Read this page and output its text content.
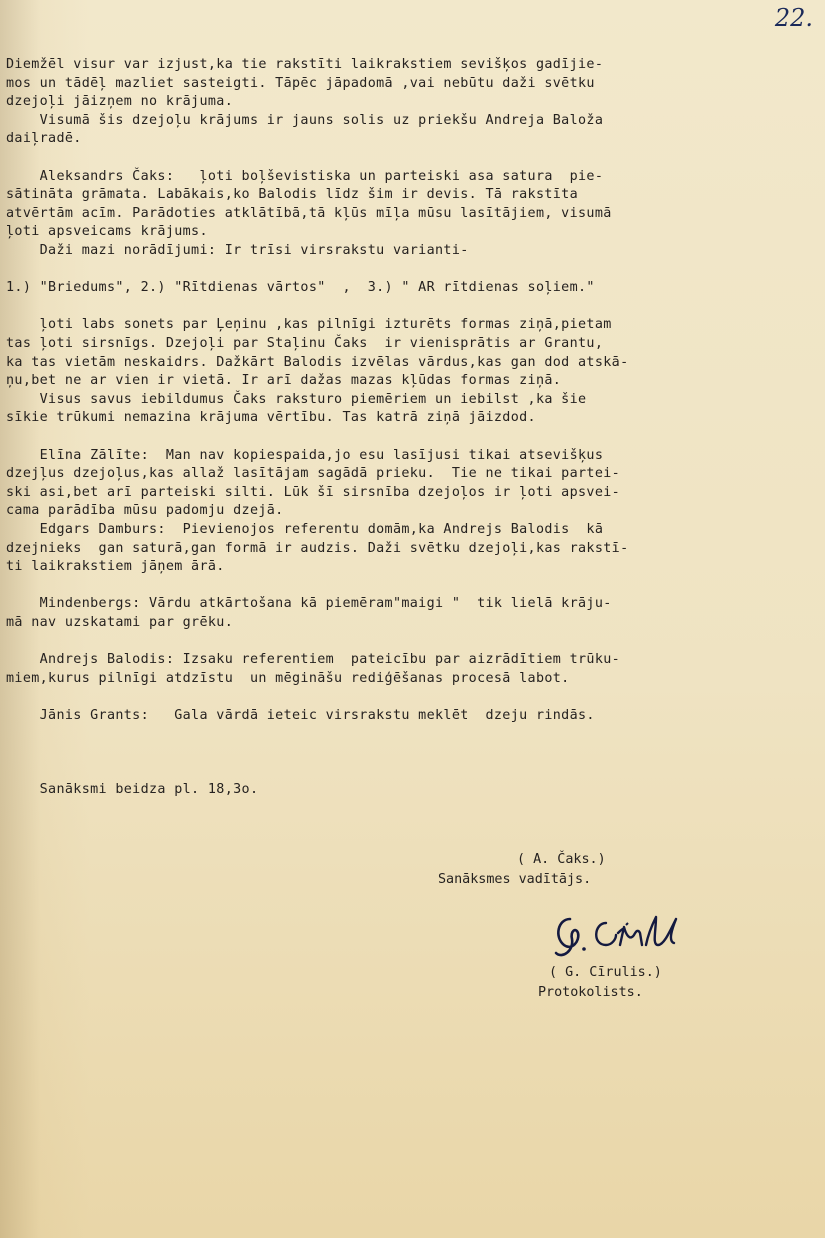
22.
Diemžēl visur var izjust,ka tie rakstīti laikrakstiem sevišķos gadījie-
mos un tādēļ mazliet sasteigti. Tāpēc jāpadomā ,vai nebūtu daži svētku
dzejoļi jāizņem no krājuma.
Visumā šis dzejoļu krājums ir jauns solis uz priekšu Andreja Baloža
daiļradē.
Aleksandrs Čaks:   ļoti boļševistiska un parteiski asa satura  pie-
sātināta grāmata. Labākais,ko Balodis līdz šim ir devis. Tā rakstīta
atvērtām acīm. Parādoties atklātībā,tā kļūs mīļa mūsu lasītājiem, visumā
ļoti apsveicams krājums.
Daži mazi norādījumi: Ir trīsi virsrakstu varianti-
1.) "Briedums", 2.) "Rītdienas vārtos"  ,  3.) " AR rītdienas soļiem."
ļoti labs sonets par Ļeņinu ,kas pilnīgi izturēts formas ziņā,pietam
tas ļoti sirsnīgs. Dzejoļi par Staļinu Čaks  ir vienisprātis ar Grantu,
ka tas vietām neskaidrs. Dažkārt Balodis izvēlas vārdus,kas gan dod atskā-
ņu,bet ne ar vien ir vietā. Ir arī dažas mazas kļūdas formas ziņā.
Visus savus iebildumus Čaks raksturo piemēriem un iebilst ,ka šie
sīkie trūkumi nemazina krājuma vērtību. Tas katrā ziņā jāizdod.
Elīna Zālīte:  Man nav kopiespaida,jo esu lasījusi tikai atsevišķus
dzejļus dzejoļus,kas allaž lasītājam sagādā prieku.  Tie ne tikai partei-
ski asi,bet arī parteiski silti. Lūk šī sirsnība dzejoļos ir ļoti apsvei-
cama parādība mūsu padomju dzejā.
Edgars Damburs:  Pievienojos referentu domām,ka Andrejs Balodis  kā
dzejnieks  gan saturā,gan formā ir audzis. Daži svētku dzejoļi,kas rakstī-
ti laikrakstiem jāņem ārā.
Mindenbergs: Vārdu atkārtošana kā piemēram"maigi "  tik lielā krāju-
mā nav uzskatami par grēku.
Andrejs Balodis: Izsaku referentiem  pateicību par aizrādītiem trūku-
miem,kurus pilnīgi atdzīstu  un mēgināšu rediģēšanas procesā labot.
Jānis Grants:   Gala vārdā ieteic virsrakstu meklēt  dzeju rindās.
Sanāksmi beidza pl. 18,3o.
( A. Čaks.)
Sanāksmes vadītājs.
( G. Cīrulis.)
Protokolists.
